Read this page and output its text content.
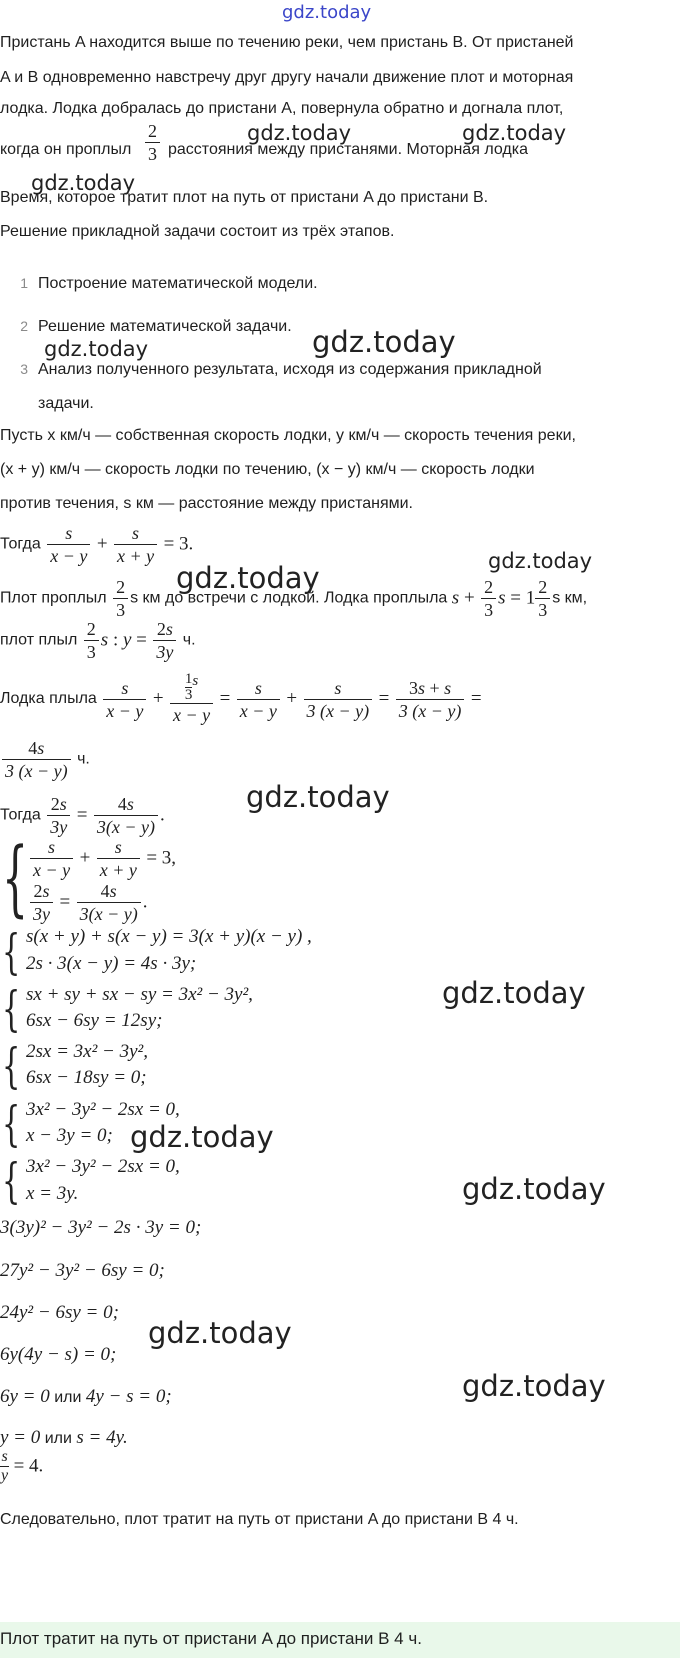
gdz.today
Пристань A находится выше по течению реки, чем пристань B. От пристаней
A и B одновременно навстречу друг другу начали движение плот и моторная
лодка. Лодка добралась до пристани A, повернула обратно и догнала плот,
когда он проплыл $\frac{2}{3}$ расстояния между пристанями. Моторная лодка
Время, которое тратит плот на путь от пристани A до пристани B.
gdz.today	gdz.today
gdz.today
Решение прикладной задачи состоит из трёх этапов.
1 Построение математической модели.
2 Решение математической задачи.
3 Анализ полученного результата, исходя из содержания прикладной
задачи.
gdz.today	gdz.today
Пусть x км/ч — собственная скорость лодки, y км/ч — скорость течения реки,
(x + y) км/ч — скорость лодки по течению, (x − y) км/ч — скорость лодки
против течения, s км — расстояние между пристанями.
Тогда $\frac{s}{x - y} + \frac{s}{x + y} = 3$.
gdz.today
gdz.today
Плот проплыл $\frac{2}{3}$ s км до встречи с лодкой. Лодка проплыла $s + \frac{2}{3}$ $s = 1 \frac{2}{3}$ s км,
плот плыл $\frac{2}{3}$ s : $y = \frac{2s}{3y} ч$.
Лодка плыла $\frac{s}{x - y} + \frac{\frac{1}{3} ^s}{x - y} = \frac{s}{x - y} + \frac{s}{3 (x - y)} = \frac{3s + s}{3 (x - y)}$ =
$\frac{4s}{3 (x - y)} ч$.
gdz.today
Тогда $\frac{2s}{3y} = \frac{4s}{3(x - y)}$ .
{ $\frac{s}{x - y} + \frac{s}{x + y} = 3$,
$\frac{2s}{3y} = \frac{4s}{3(x - y)}$ .
{ s(x + y) + s(x − y) = 3(x + y)(x − y) ,
2s · 3(x − y) = 4s · 3y;
{ sx + sy + sx − sy = 3x² − 3y²,
6sx − 6sy = 12sy;
gdz.today
{ 2sx = 3x² − 3y²,
6sx − 18sy = 0;
{ 3x² − 3y² − 2sx = 0,
x − 3y = 0; gdz.today
{ 3x² − 3y² − 2sx = 0,
x = 3y.	gdz.today
3(3y)² − 3y² − 2s · 3y = 0;
27y² − 3y² − 6sy = 0;
24y² − 6sy = 0;
6y(4y − s) = 0;
gdz.today
6y = 0 или 4y − s = 0;	gdz.today
y = 0 или s = 4y.
$\frac{s}{y} = 4$.
Следовательно, плот тратит на путь от пристани A до пристани B 4 ч.
Плот тратит на путь от пристани A до пристани B 4 ч.
